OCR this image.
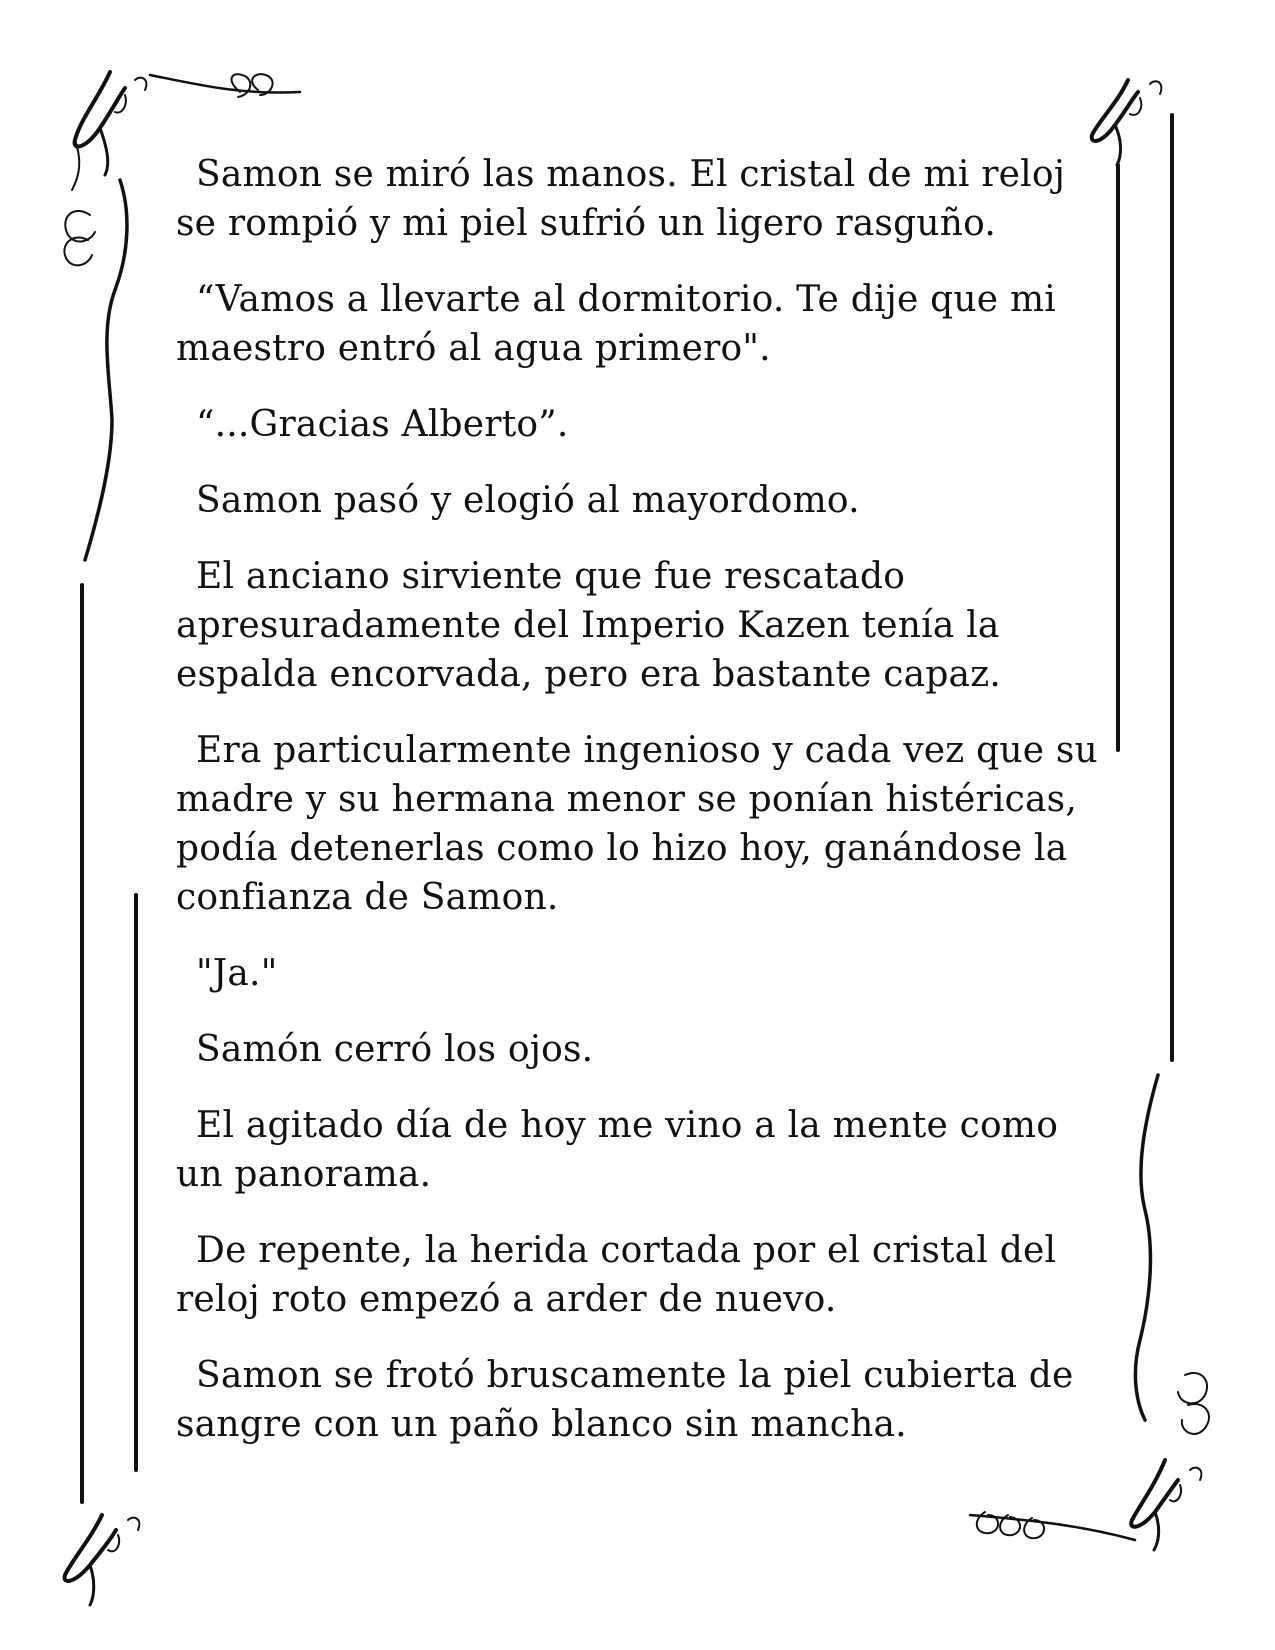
Samon se miró las manos. El cristal de mi reloj se rompió y mi piel sufrió un ligero rasguño.

“Vamos a llevarte al dormitorio. Te dije que mi maestro entró al agua primero".

“...Gracias Alberto”.

Samon pasó y elogió al mayordomo.

El anciano sirviente que fue rescatado apresuradamente del Imperio Kazen tenía la espalda encorvada, pero era bastante capaz.

Era particularmente ingenioso y cada vez que su madre y su hermana menor se ponían histéricas, podía detenerlas como lo hizo hoy, ganándose la confianza de Samon.

"Ja."

Samón cerró los ojos.

El agitado día de hoy me vino a la mente como un panorama.

De repente, la herida cortada por el cristal del reloj roto empezó a arder de nuevo.

Samon se frotó bruscamente la piel cubierta de sangre con un paño blanco sin mancha.
